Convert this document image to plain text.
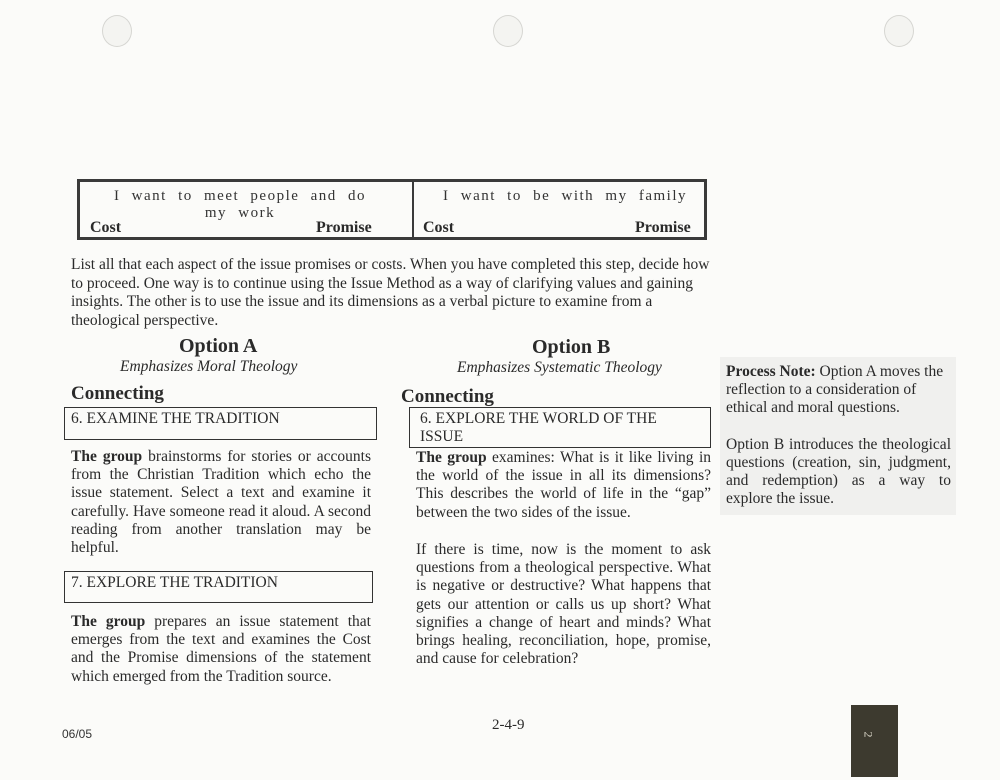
I want to meet people and do my work
Cost	Promise
I want to be with my family
Cost	Promise
List all that each aspect of the issue promises or costs. When you have completed this step, decide how to proceed. One way is to continue using the Issue Method as a way of clarifying values and gaining insights. The other is to use the issue and its dimensions as a verbal picture to examine from a theological perspective.
Option A
Emphasizes Moral Theology
Connecting
6. EXAMINE THE TRADITION
The group brainstorms for stories or accounts from the Christian Tradition which echo the issue statement. Select a text and examine it carefully. Have someone read it aloud. A second reading from another translation may be helpful.
7. EXPLORE THE TRADITION
The group prepares an issue statement that emerges from the text and examines the Cost and the Promise dimensions of the statement which emerged from the Tradition source.
Option B
Emphasizes Systematic Theology
Connecting
6. EXPLORE THE WORLD OF THE ISSUE
The group examines: What is it like living in the world of the issue in all its dimensions? This describes the world of life in the “gap” between the two sides of the issue.
If there is time, now is the moment to ask questions from a theological perspective. What is negative or destructive? What happens that gets our attention or calls us up short? What signifies a change of heart and minds? What brings healing, reconciliation, hope, promise, and cause for celebration?

Process Note: Option A moves the reflection to a consideration of ethical and moral questions.

Option B introduces the theological questions (creation, sin, judgment, and redemption) as a way to explore the issue.

06/05
2-4-9
2
